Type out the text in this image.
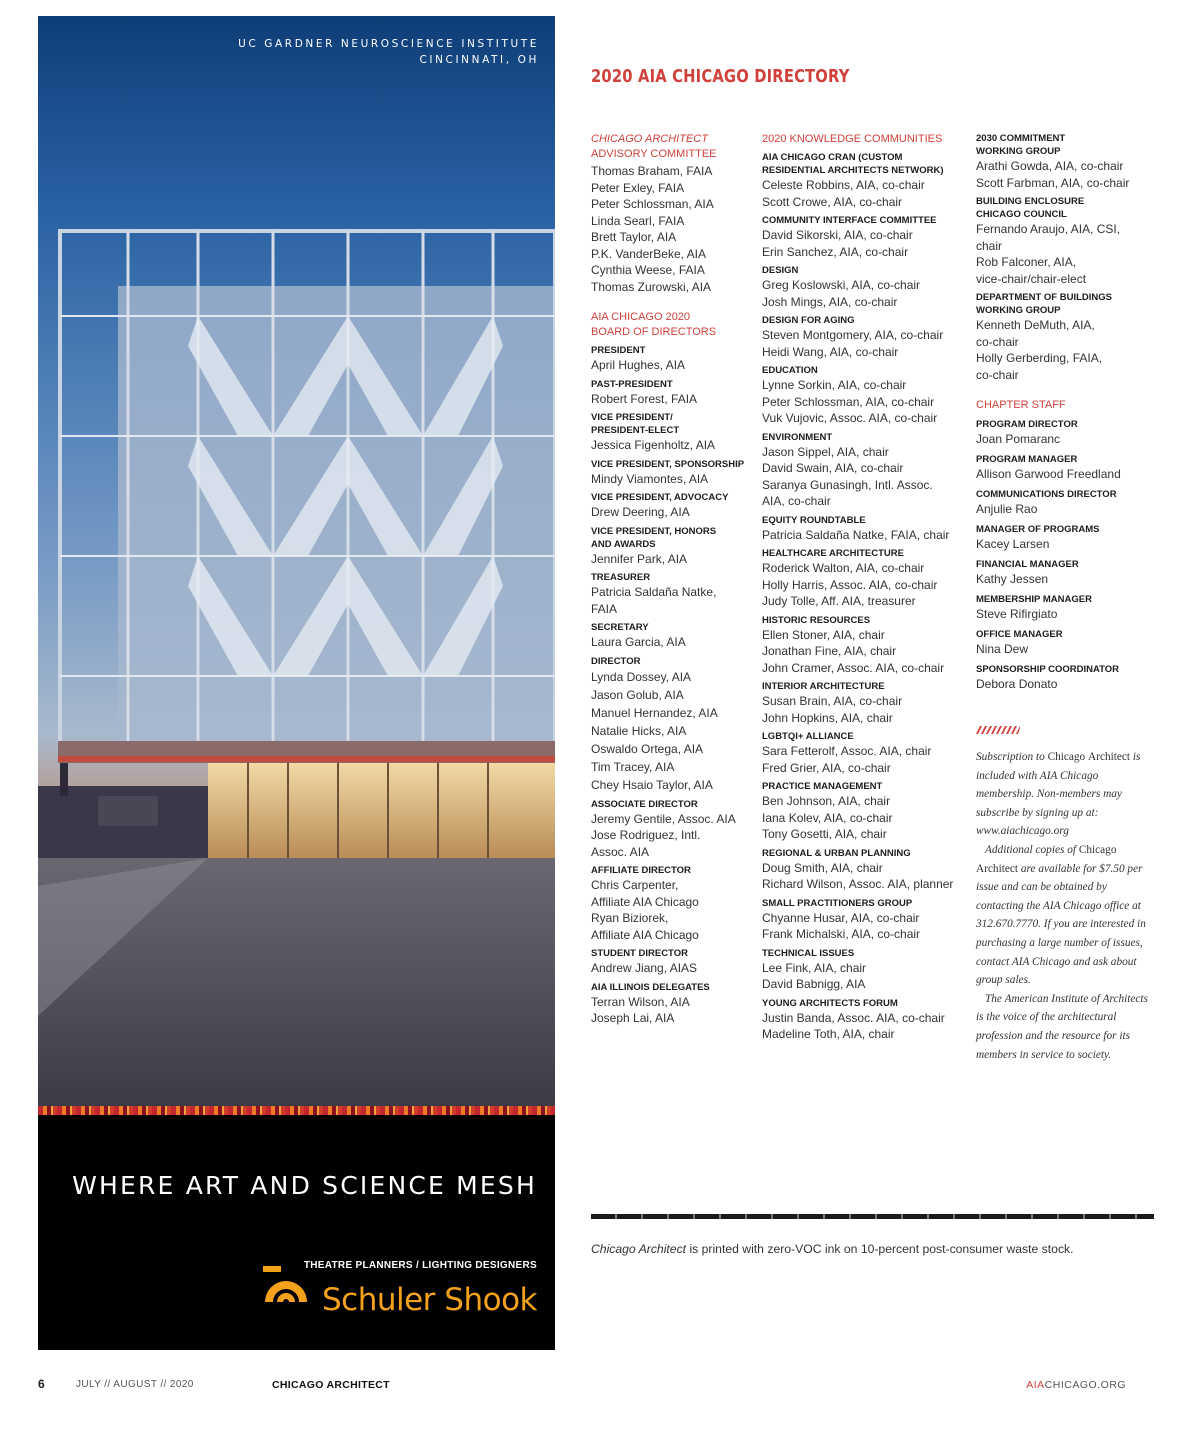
UC GARDNER NEUROSCIENCE INSTITUTE
CINCINNATI, OH
WHERE ART AND SCIENCE MESH
THEATRE PLANNERS / LIGHTING DESIGNERS
Schuler Shook
2020 AIA CHICAGO DIRECTORY
CHICAGO ARCHITECT
ADVISORY COMMITTEE
Thomas Braham, FAIA
Peter Exley, FAIA
Peter Schlossman, AIA
Linda Searl, FAIA
Brett Taylor, AIA
P.K. VanderBeke, AIA
Cynthia Weese, FAIA
Thomas Zurowski, AIA
AIA CHICAGO 2020
BOARD OF DIRECTORS
PRESIDENT
April Hughes, AIA
PAST-PRESIDENT
Robert Forest, FAIA
VICE PRESIDENT/
PRESIDENT-ELECT
Jessica Figenholtz, AIA
VICE PRESIDENT, SPONSORSHIP
Mindy Viamontes, AIA
VICE PRESIDENT, ADVOCACY
Drew Deering, AIA
VICE PRESIDENT, HONORS
AND AWARDS
Jennifer Park, AIA
TREASURER
Patricia Saldaña Natke,
FAIA
SECRETARY
Laura Garcia, AIA
DIRECTOR
Lynda Dossey, AIA
Jason Golub, AIA
Manuel Hernandez, AIA
Natalie Hicks, AIA
Oswaldo Ortega, AIA
Tim Tracey, AIA
Chey Hsaio Taylor, AIA
ASSOCIATE DIRECTOR
Jeremy Gentile, Assoc. AIA
Jose Rodriguez, Intl.
Assoc. AIA
AFFILIATE DIRECTOR
Chris Carpenter,
Affiliate AIA Chicago
Ryan Biziorek,
Affiliate AIA Chicago
STUDENT DIRECTOR
Andrew Jiang, AIAS
AIA ILLINOIS DELEGATES
Terran Wilson, AIA
Joseph Lai, AIA
2020 KNOWLEDGE COMMUNITIES
AIA CHICAGO CRAN (CUSTOM
RESIDENTIAL ARCHITECTS NETWORK)
Celeste Robbins, AIA, co-chair
Scott Crowe, AIA, co-chair
COMMUNITY INTERFACE COMMITTEE
David Sikorski, AIA, co-chair
Erin Sanchez, AIA, co-chair
DESIGN
Greg Koslowski, AIA, co-chair
Josh Mings, AIA, co-chair
DESIGN FOR AGING
Steven Montgomery, AIA, co-chair
Heidi Wang, AIA, co-chair
EDUCATION
Lynne Sorkin, AIA, co-chair
Peter Schlossman, AIA, co-chair
Vuk Vujovic, Assoc. AIA, co-chair
ENVIRONMENT
Jason Sippel, AIA, chair
David Swain, AIA, co-chair
Saranya Gunasingh, Intl. Assoc.
AIA, co-chair
EQUITY ROUNDTABLE
Patricia Saldaña Natke, FAIA, chair
HEALTHCARE ARCHITECTURE
Roderick Walton, AIA, co-chair
Holly Harris, Assoc. AIA, co-chair
Judy Tolle, Aff. AIA, treasurer
HISTORIC RESOURCES
Ellen Stoner, AIA, chair
Jonathan Fine, AIA, chair
John Cramer, Assoc. AIA, co-chair
INTERIOR ARCHITECTURE
Susan Brain, AIA, co-chair
John Hopkins, AIA, chair
LGBTQI+ ALLIANCE
Sara Fetterolf, Assoc. AIA, chair
Fred Grier, AIA, co-chair
PRACTICE MANAGEMENT
Ben Johnson, AIA, chair
Iana Kolev, AIA, co-chair
Tony Gosetti, AIA, chair
REGIONAL & URBAN PLANNING
Doug Smith, AIA, chair
Richard Wilson, Assoc. AIA, planner
SMALL PRACTITIONERS GROUP
Chyanne Husar, AIA, co-chair
Frank Michalski, AIA, co-chair
TECHNICAL ISSUES
Lee Fink, AIA, chair
David Babnigg, AIA
YOUNG ARCHITECTS FORUM
Justin Banda, Assoc. AIA, co-chair
Madeline Toth, AIA, chair
2030 COMMITMENT
WORKING GROUP
Arathi Gowda, AIA, co-chair
Scott Farbman, AIA, co-chair
BUILDING ENCLOSURE
CHICAGO COUNCIL
Fernando Araujo, AIA, CSI,
chair
Rob Falconer, AIA,
vice-chair/chair-elect
DEPARTMENT OF BUILDINGS
WORKING GROUP
Kenneth DeMuth, AIA,
co-chair
Holly Gerberding, FAIA,
co-chair
CHAPTER STAFF
PROGRAM DIRECTOR
Joan Pomaranc
PROGRAM MANAGER
Allison Garwood Freedland
COMMUNICATIONS DIRECTOR
Anjulie Rao
MANAGER OF PROGRAMS
Kacey Larsen
FINANCIAL MANAGER
Kathy Jessen
MEMBERSHIP MANAGER
Steve Rifirgiato
OFFICE MANAGER
Nina Dew
SPONSORSHIP COORDINATOR
Debora Donato

Subscription to Chicago Architect is included with AIA Chicago membership. Non-members may subscribe by signing up at: www.aiachicago.org

Additional copies of Chicago Architect are available for $7.50 per issue and can be obtained by contacting the AIA Chicago office at 312.670.7770. If you are interested in purchasing a large number of issues, contact AIA Chicago and ask about group sales.

The American Institute of Architects is the voice of the architectural profession and the resource for its members in service to society.

Chicago Architect is printed with zero-VOC ink on 10-percent post-consumer waste stock.
6	JULY // AUGUST // 2020	CHICAGO ARCHITECT	AIACHICAGO.ORG
